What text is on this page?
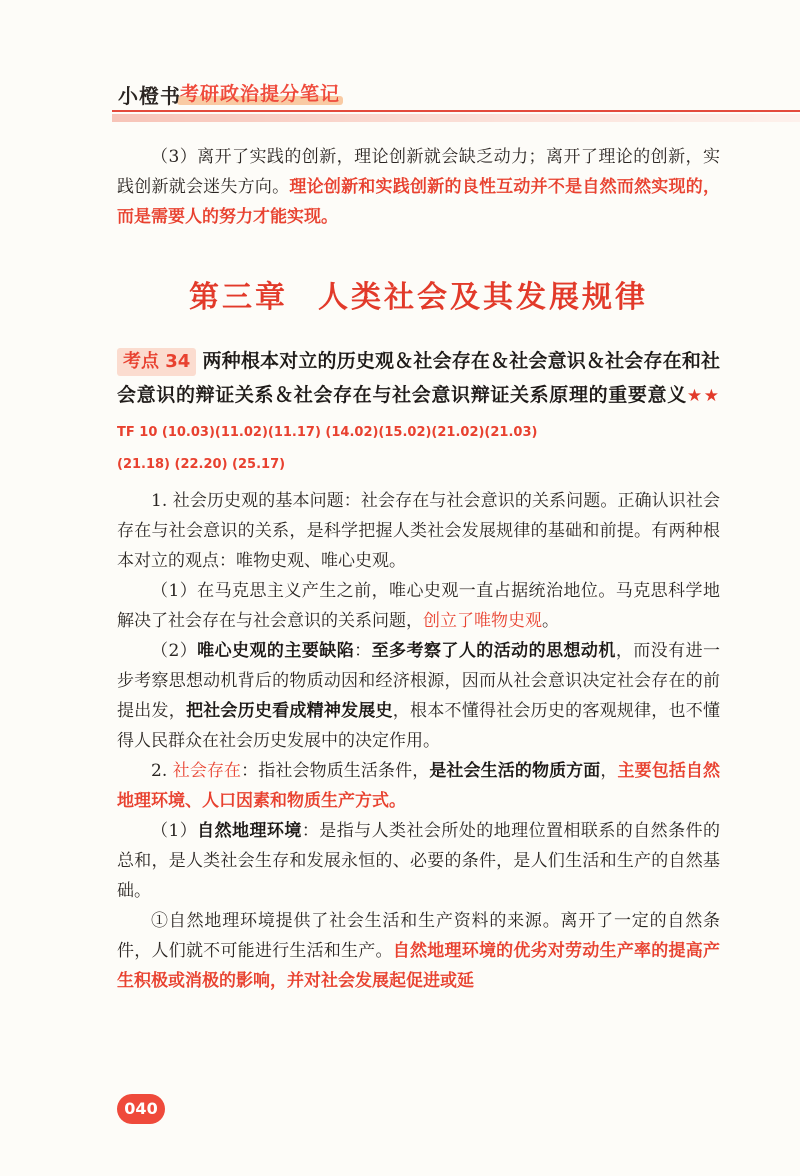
小橙书 考研政治提分笔记

（3）离开了实践的创新，理论创新就会缺乏动力；离开了理论的创新，实践创新就会迷失方向。理论创新和实践创新的良性互动并不是自然而然实现的，而是需要人的努力才能实现。

第三章 人类社会及其发展规律
考点 34 两种根本对立的历史观＆社会存在＆社会意识＆社会存在和社会意识的辩证关系＆社会存在与社会意识辩证关系原理的重要意义★★ TF 10 (10.03)(11.02)(11.17) (14.02)(15.02)(21.02)(21.03)
(21.18) (22.20) (25.17)

1. 社会历史观的基本问题：社会存在与社会意识的关系问题。正确认识社会存在与社会意识的关系，是科学把握人类社会发展规律的基础和前提。有两种根本对立的观点：唯物史观、唯心史观。

（1）在马克思主义产生之前，唯心史观一直占据统治地位。马克思科学地解决了社会存在与社会意识的关系问题，创立了唯物史观。

（2）唯心史观的主要缺陷：至多考察了人的活动的思想动机，而没有进一步考察思想动机背后的物质动因和经济根源，因而从社会意识决定社会存在的前提出发，把社会历史看成精神发展史，根本不懂得社会历史的客观规律，也不懂得人民群众在社会历史发展中的决定作用。

2. 社会存在：指社会物质生活条件，是社会生活的物质方面，主要包括自然地理环境、人口因素和物质生产方式。

（1）自然地理环境：是指与人类社会所处的地理位置相联系的自然条件的总和，是人类社会生存和发展永恒的、必要的条件，是人们生活和生产的自然基础。

①自然地理环境提供了社会生活和生产资料的来源。离开了一定的自然条件，人们就不可能进行生活和生产。自然地理环境的优劣对劳动生产率的提高产生积极或消极的影响，并对社会发展起促进或延

040
